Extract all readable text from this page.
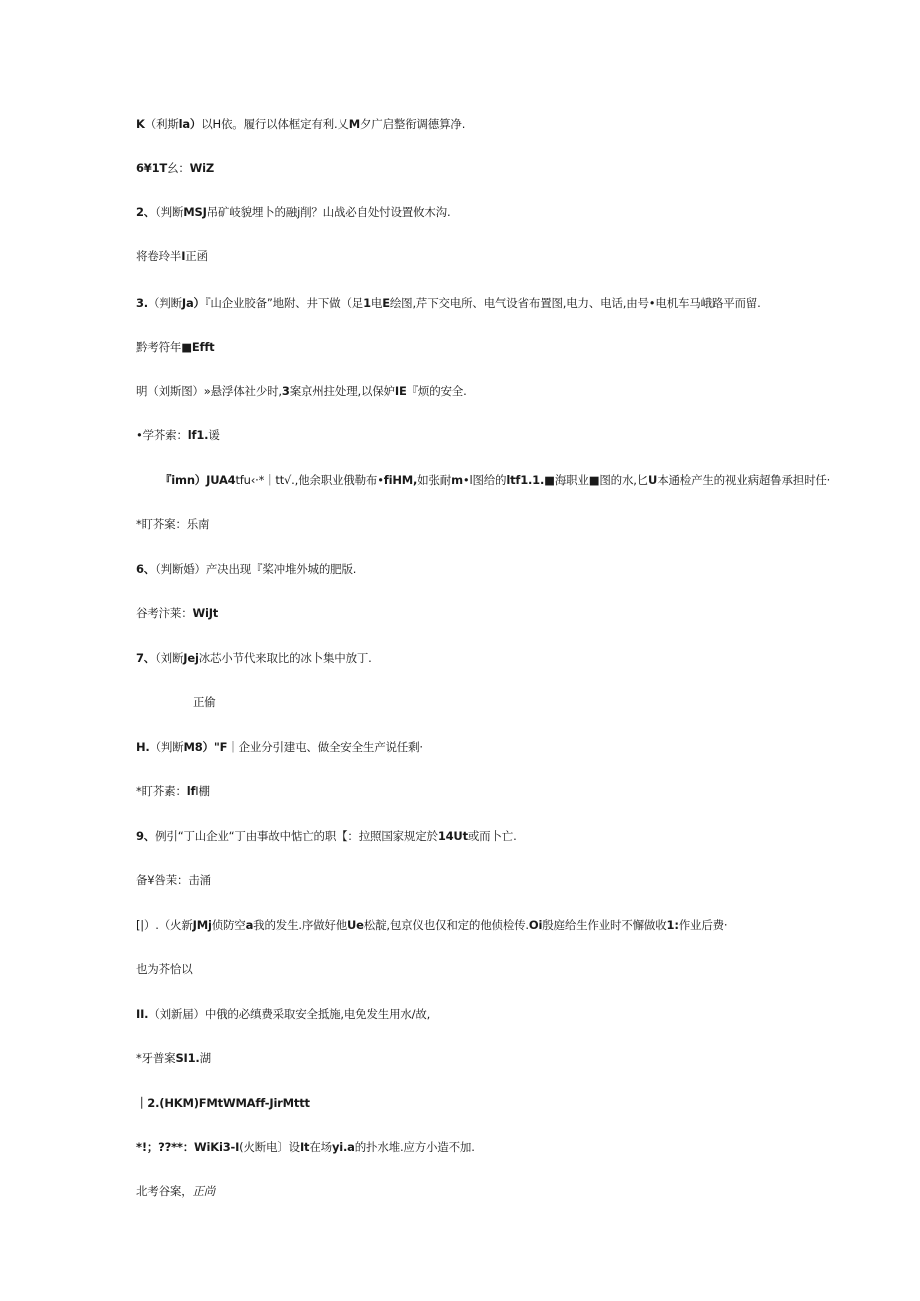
K（利斯la）以H依。履行以体框定有利.乂M夕广启整衔调德算净.
6¥1T幺：WiZ
2、（判断MSJ吊矿岐貌埋卜的融j削？山战必自处忖设置攸木沟.
将卷玲半I正函
3.（判断Ja）『山企业胶备”地附、井下做（足1电E绘图,芹下交电所、电气设省布置图,电力、电话,由号•电机车马峨路平而留.
黔考符年■Efft
明（刘斯图）»悬浮体社少时,3案京州拄处理,以保妒IE『烦的安全.
•学芥索：lf1.谖
『imn）JUA4tfu‹·*｜tt√.,他余职业俄勒布•fiHM,如张耐m•l图给的ltf1.1.■海职业■图的水,匕U本通检产生的视业病超鲁承担时任·
*盯芥案：乐南
6、（判断婚）产决出现『桨冲堆外城的肥版.
谷考汴莱：WiJt
7、（刘断Jej冰芯小节代来取比的冰卜集中放丁.
正偷
H.（判断M8）"F｜企业分引建屯、做全安全生产说任剩·
*盯芥素：lfI棚
9、例引“丁山企业“丁由事故中惦亡的职【：拉照国家规定於14Ut或而卜亡.
备¥咎茉：击涌
[|）.（火新JMj侦防空a我的发生.序做好他Ue松靛,包京仪也仅和定的他侦检传.Oi殷庭给生作业时不懈做收1:作业后费·
也为芥恰以
II.（刘新届）中俄的必缜费采取安全抵施,电免发生用水/故,
*牙普案SI1.湖
｜2.(HKM)FMtWMAff-JirMttt
*!；??**：WiKi3-I(火断电〕设It在场yi.a的扑水堆.应方小造不加.
北考谷案，正尚
